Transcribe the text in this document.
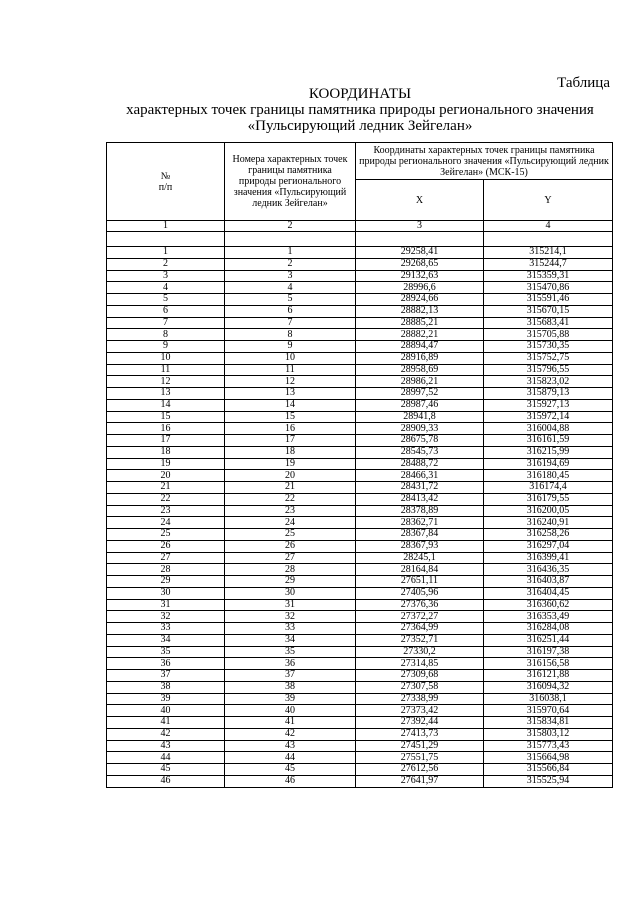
Таблица
КООРДИНАТЫ
характерных точек границы памятника природы регионального значения
«Пульсирующий ледник Зейгелан»
№
п/п	Номера характерных точек границы памятника природы регионального значения «Пульсирующий ледник Зейгелан»	Координаты характерных точек границы памятника природы регионального значения «Пульсирующий ледник Зейгелан» (МСК-15)	
		X	Y
1	2	3	4

1	1	29258,41	315214,1
2	2	29268,65	315244,7
3	3	29132,63	315359,31
4	4	28996,6	315470,86
5	5	28924,66	315591,46
6	6	28882,13	315670,15
7	7	28885,21	315683,41
8	8	28882,21	315705,88
9	9	28894,47	315730,35
10	10	28916,89	315752,75
11	11	28958,69	315796,55
12	12	28986,21	315823,02
13	13	28997,52	315879,13
14	14	28987,46	315927,13
15	15	28941,8	315972,14
16	16	28909,33	316004,88
17	17	28675,78	316161,59
18	18	28545,73	316215,99
19	19	28488,72	316194,69
20	20	28466,31	316180,45
21	21	28431,72	316174,4
22	22	28413,42	316179,55
23	23	28378,89	316200,05
24	24	28362,71	316240,91
25	25	28367,84	316258,26
26	26	28367,93	316297,04
27	27	28245,1	316399,41
28	28	28164,84	316436,35
29	29	27651,11	316403,87
30	30	27405,96	316404,45
31	31	27376,36	316360,62
32	32	27372,27	316353,49
33	33	27364,99	316284,08
34	34	27352,71	316251,44
35	35	27330,2	316197,38
36	36	27314,85	316156,58
37	37	27309,68	316121,88
38	38	27307,58	316094,32
39	39	27338,99	316038,1
40	40	27373,42	315970,64
41	41	27392,44	315834,81
42	42	27413,73	315803,12
43	43	27451,29	315773,43
44	44	27551,75	315664,98
45	45	27612,56	315566,84
46	46	27641,97	315525,94
